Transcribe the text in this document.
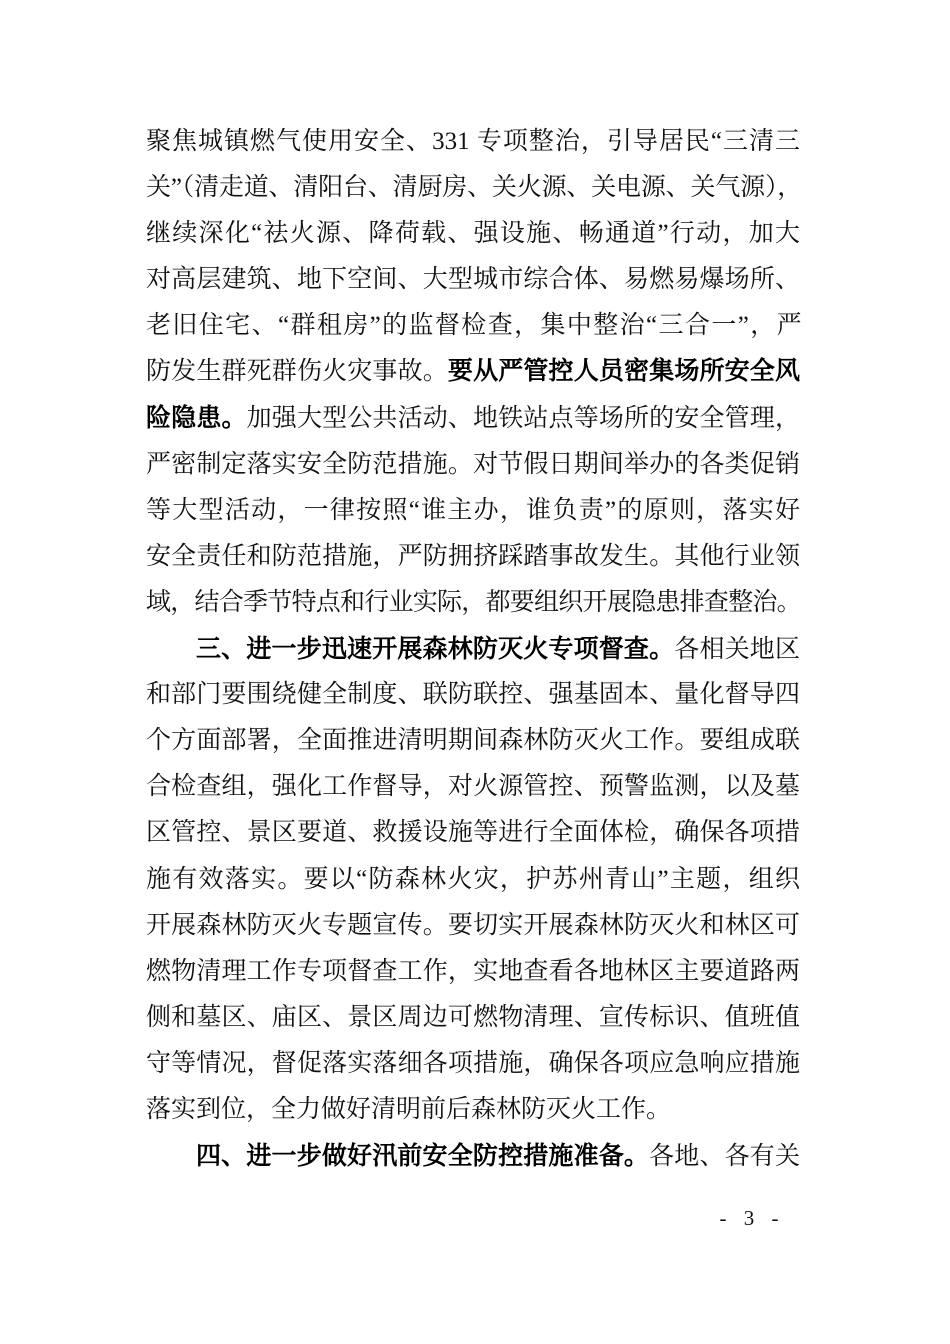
聚焦城镇燃气使用安全、331 专项整治，引导居民“三清三
关”（清走道、清阳台、清厨房、关火源、关电源、关气源），
继续深化“祛火源、降荷载、强设施、畅通道”行动，加大
对高层建筑、地下空间、大型城市综合体、易燃易爆场所、
老旧住宅、“群租房”的监督检查，集中整治“三合一”，严
防发生群死群伤火灾事故。要从严管控人员密集场所安全风
险隐患。加强大型公共活动、地铁站点等场所的安全管理，
严密制定落实安全防范措施。对节假日期间举办的各类促销
等大型活动，一律按照“谁主办，谁负责”的原则，落实好
安全责任和防范措施，严防拥挤踩踏事故发生。其他行业领
域，结合季节特点和行业实际，都要组织开展隐患排查整治。
三、进一步迅速开展森林防灭火专项督查。各相关地区
和部门要围绕健全制度、联防联控、强基固本、量化督导四
个方面部署，全面推进清明期间森林防灭火工作。要组成联
合检查组，强化工作督导，对火源管控、预警监测，以及墓
区管控、景区要道、救援设施等进行全面体检，确保各项措
施有效落实。要以“防森林火灾，护苏州青山”主题，组织
开展森林防灭火专题宣传。要切实开展森林防灭火和林区可
燃物清理工作专项督查工作，实地查看各地林区主要道路两
侧和墓区、庙区、景区周边可燃物清理、宣传标识、值班值
守等情况，督促落实落细各项措施，确保各项应急响应措施
落实到位，全力做好清明前后森林防灭火工作。
四、进一步做好汛前安全防控措施准备。各地、各有关
- 3 -
